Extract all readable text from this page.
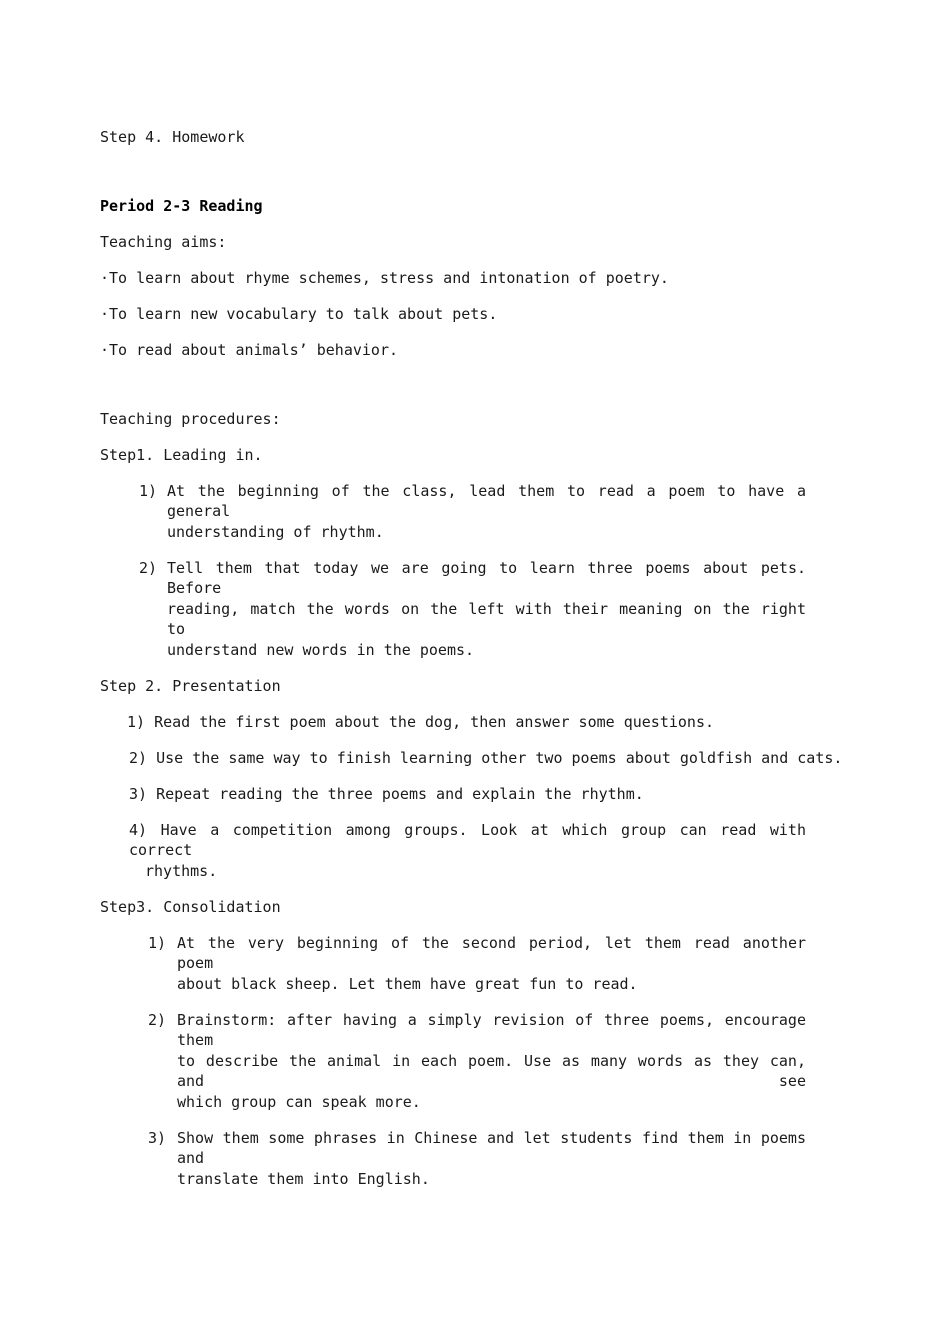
Step 4. Homework
Period 2-3 Reading
Teaching aims:
·To learn about rhyme schemes, stress and intonation of poetry.
·To learn new vocabulary to talk about pets.
·To read about animals’ behavior.
Teaching procedures:
Step1. Leading in.
1) At the beginning of the class, lead them to read a poem to have a general
understanding of rhythm.
2) Tell them that today we are going to learn three poems about pets. Before
reading, match the words on the left with their meaning on the right to
understand new words in the poems.
Step 2. Presentation
1) Read the first poem about the dog, then answer some questions.
2) Use the same way to finish learning other two poems about goldfish and cats.
3) Repeat reading the three poems and explain the rhythm.
4) Have a competition among groups. Look at which group can read with correct
rhythms.
Step3. Consolidation
1) At the very beginning of the second period, let them read another poem
about black sheep. Let them have great fun to read.
2) Brainstorm: after having a simply revision of three poems, encourage them
to describe the animal in each poem. Use as many words as they can, and see
which group can speak more.
3) Show them some phrases in Chinese and let students find them in poems and
translate them into English.
